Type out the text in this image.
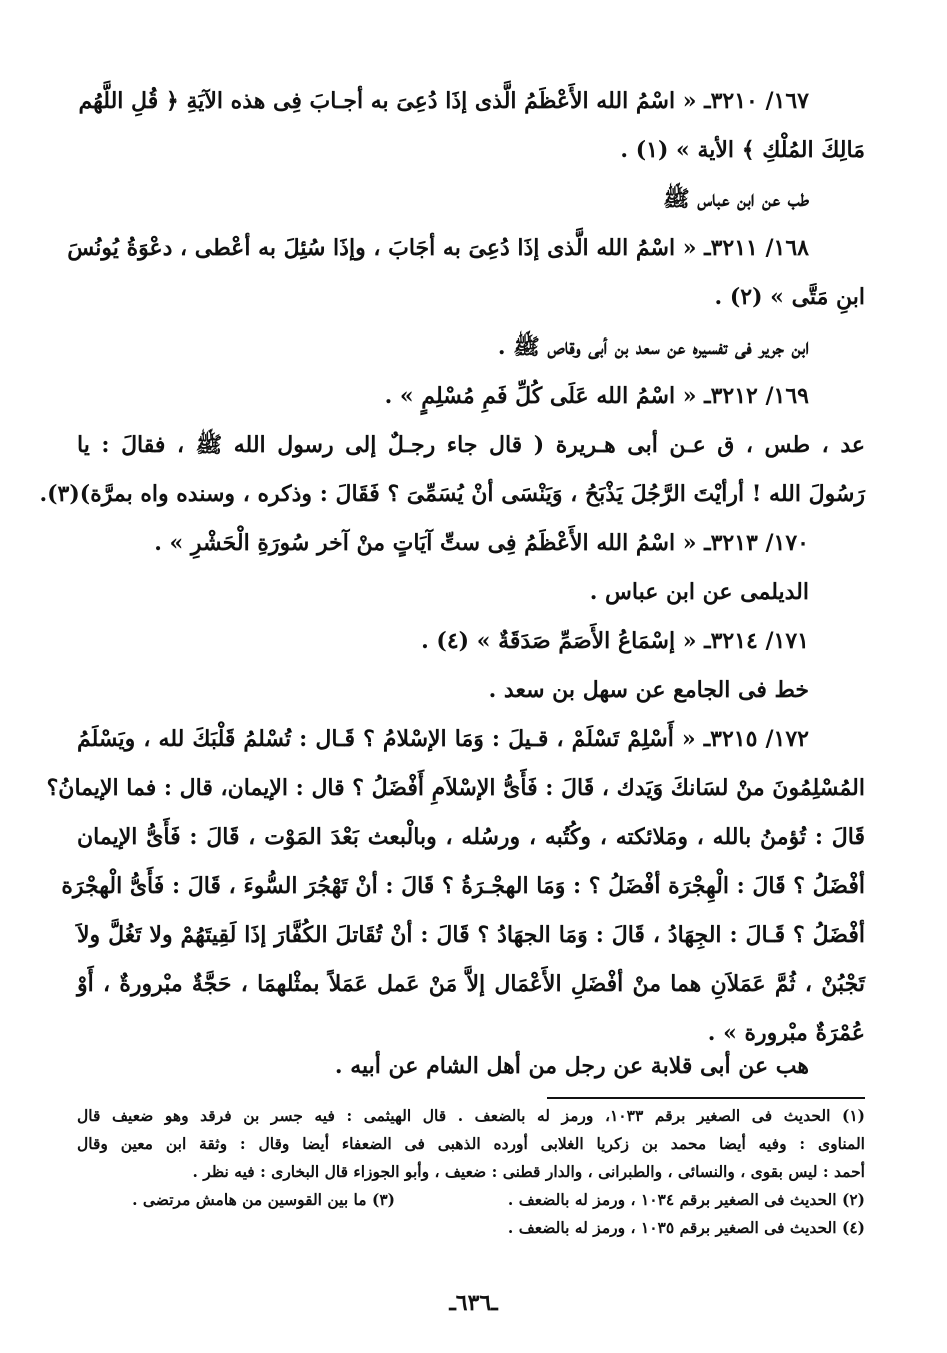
١٦٧/ ٣٢١٠ـ « اسْمُ الله الأَعْظَمُ الَّذى إذَا دُعِىَ به أجـابَ فِى هذه الآيَةِ ﴿ قُلِ اللَّهُم
مَالِكَ المُلْكِ ﴾ الأية » (١) .
طب عن ابن عباس ﷺ
١٦٨/ ٣٢١١ـ « اسْمُ الله الَّذى إذَا دُعِىَ به أجَابَ ، وإذَا سُئِلَ به أعْطى ، دعْوَةُ يُونُسَ
ابنِ مَتَّى » (٢) .
ابن جرير فى تفسيره عن سعد بن أبى وقاص ﷺ .
١٦٩/ ٣٢١٢ـ « اسْمُ الله عَلَى كُلِّ فَمِ مُسْلِمٍ » .
عد ، طس ، ق عـن أبى هـريرة ( قال جاء رجـلٌ إلى رسول الله ﷺ ، فقالَ : يا
رَسُولَ الله ! أرأيْتَ الرَّجُلَ يَذْبَحُ ، وَيَنْسَى أنْ يُسَمِّىَ ؟ فَقَالَ : وذكره ، وسنده واه بمرَّة)(٣).
١٧٠/ ٣٢١٣ـ « اسْمُ الله الأَعْظَمُ فِى ستِّ آيَاتٍ منْ آخر سُورَةِ الْحَشْرِ » .
الديلمى عن ابن عباس .
١٧١/ ٣٢١٤ـ « إسْمَاعُ الأَصَمِّ صَدَقَةٌ » (٤) .
خط فى الجامع عن سهل بن سعد .
١٧٢/ ٣٢١٥ـ « أَسْلِمْ تَسْلَمْ ، قـيلَ : وَمَا الإسْلامُ ؟ قَـال : تُسْلمُ قَلْبَكَ لله ، ويَسْلَمُ
المُسْلِمُونَ منْ لسَانكَ وَيَدك ، قَالَ : فَأَىُّ الإسْلاَمِ أَفْضَلُ ؟ قال : الإيمان، قال : فما الإيمانُ؟
قَالَ : تُؤمنُ بالله ، ومَلائكته ، وكُتُبه ، ورسُله ، وبالْبعث بَعْدَ المَوْت ، قَالَ : فَأَىُّ الإيمان
أفْضَلُ ؟ قَالَ : الْهِجْرَة أفْضَلُ ؟ : وَمَا الهجْـرَةُ ؟ قَالَ : أنْ تَهْجُرَ السُّوءَ ، قَالَ : فَأَىُّ الْهجْرَة
أفْضَلُ ؟ قَـالَ : الجِهَادُ ، قَالَ : وَمَا الجهَادُ ؟ قَالَ : أنْ تُقَاتلَ الكُفَّارَ إذَا لَقِيتَهُمْ ولا تَغُلَّ ولاَ
تَجْبُنْ ، ثُمَّ عَمَلاَنِ هما منْ أفْضَلِ الأَعْمَال إلاَّ مَنْ عَمل عَمَلاً بمثْلهمَا ، حَجَّةٌ مبْرورةٌ ، أَوْ
عُمْرَةٌ مبْرورة » .
هب عن أبى قلابة عن رجل من أهل الشام عن أبيه .
(١) الحديث فى الصغير برقم ١٠٣٣، ورمز له بالضعف . قال الهيثمى : فيه جسر بن فرقد وهو ضعيف قال
المناوى : وفيه أيضا محمد بن زكريا الغلابى أورده الذهبى فى الضعفاء أيضا وقال : وثقة ابن معين وقال
أحمد : ليس بقوى ، والنسائى ، والطبرانى ، والدار قطنى : ضعيف ، وأبو الجوزاء قال البخارى : فيه نظر .
(٢) الحديث فى الصغير برقم ١٠٣٤ ، ورمز له بالضعف .
(٣) ما بين القوسين من هامش مرتضى .
(٤) الحديث فى الصغير برقم ١٠٣٥ ، ورمز له بالضعف .
ـ٦٣٦ـ
